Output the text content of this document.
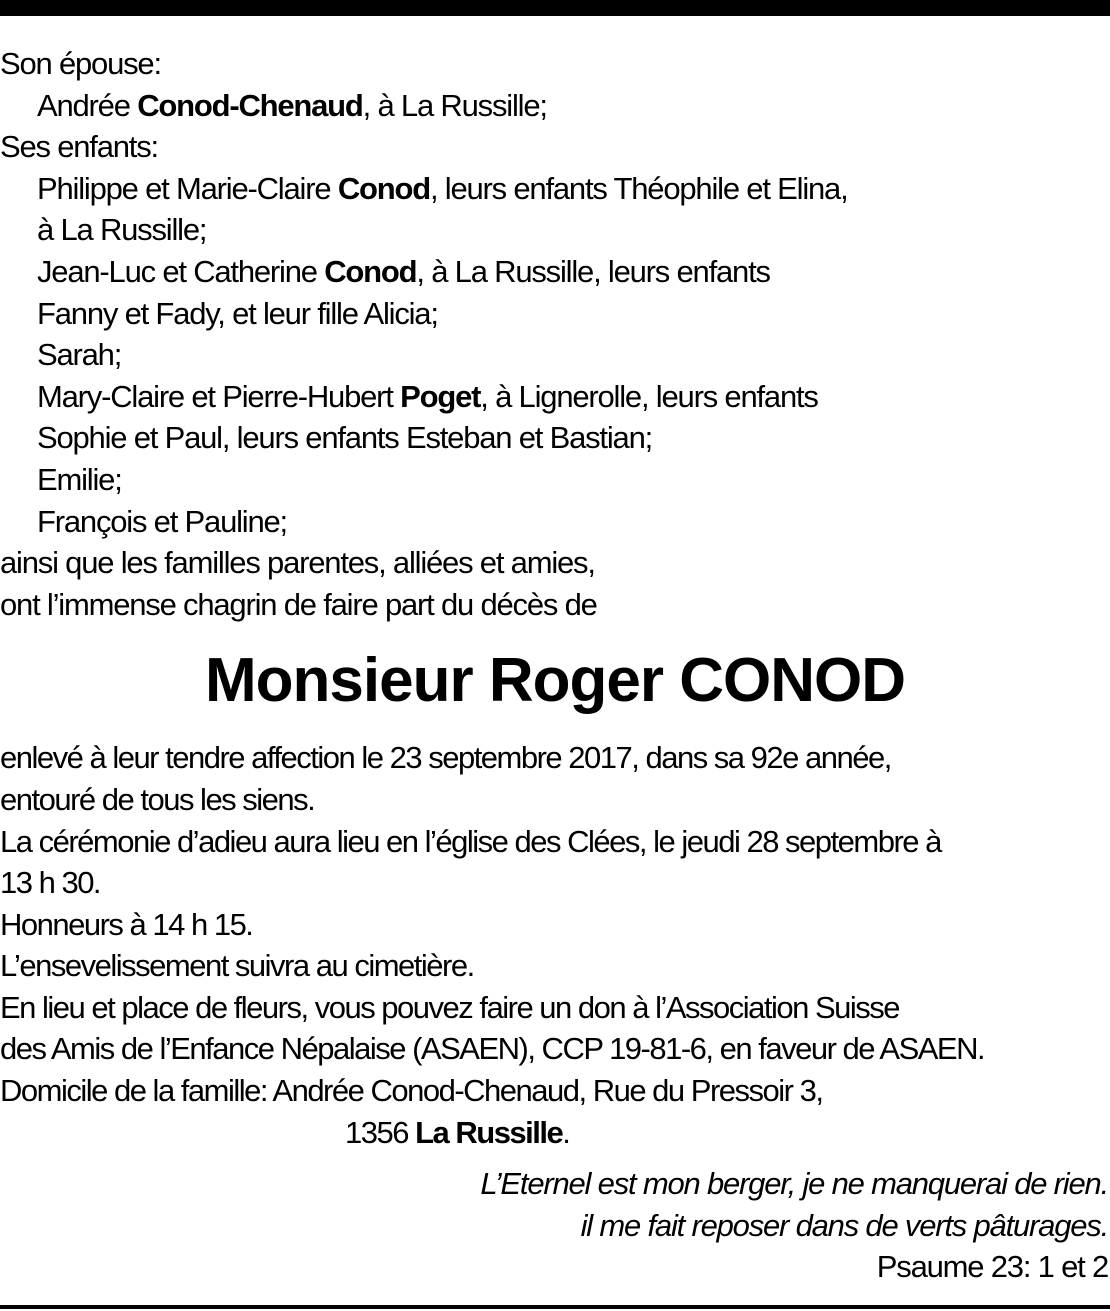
Son épouse:
Andrée Conod-Chenaud, à La Russille;
Ses enfants:
Philippe et Marie-Claire Conod, leurs enfants Théophile et Elina,
à La Russille;
Jean-Luc et Catherine Conod, à La Russille, leurs enfants
Fanny et Fady, et leur fille Alicia;
Sarah;
Mary-Claire et Pierre-Hubert Poget, à Lignerolle, leurs enfants
Sophie et Paul, leurs enfants Esteban et Bastian;
Emilie;
François et Pauline;
ainsi que les familles parentes, alliées et amies,
ont l’immense chagrin de faire part du décès de
Monsieur Roger CONOD
enlevé à leur tendre affection le 23 septembre 2017, dans sa 92e année,
entouré de tous les siens.
La cérémonie d’adieu aura lieu en l’église des Clées, le jeudi 28 septembre à
13 h 30.
Honneurs à 14 h 15.
L’ensevelissement suivra au cimetière.
En lieu et place de fleurs, vous pouvez faire un don à l’Association Suisse
des Amis de l’Enfance Népalaise (ASAEN), CCP 19-81-6, en faveur de ASAEN.
Domicile de la famille: Andrée Conod-Chenaud, Rue du Pressoir 3,
1356 La Russille.
L’Eternel est mon berger, je ne manquerai de rien.
il me fait reposer dans de verts pâturages.
Psaume 23: 1 et 2
